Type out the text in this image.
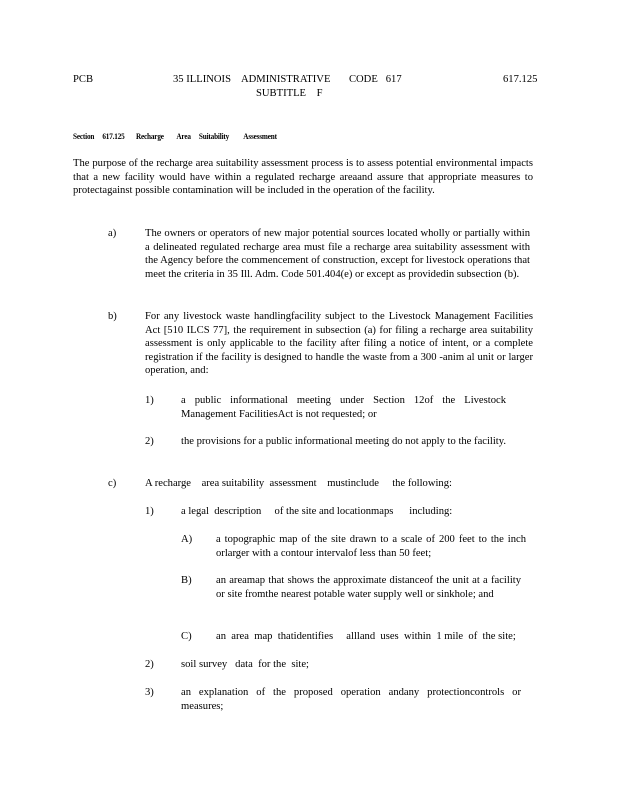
PCB	35 ILLINOIS    ADMINISTRATIVE       CODE   617
SUBTITLE    F
617.125
Section     617.125       Recharge        Area     Suitability         Assessment

The purpose of the recharge area suitability assessment process is to assess potential environmental impacts that a new facility would have within a regulated recharge areaand assure that appropriate measures to protectagainst possible contamination will be included in the operation of the facility.

a)	The owners or operators of new major potential sources located wholly or partially within a delineated regulated recharge area must file a recharge area suitability assessment with the Agency before the commencement of construction, except for livestock operations that meet the criteria in 35 Ill. Adm. Code 501.404(e) or except as providedin subsection (b).

b)	For any livestock waste handlingfacility subject to the Livestock Management Facilities Act [510 ILCS 77], the requirement in subsection (a) for filing a recharge area suitability assessment is only applicable to the facility after filing a notice of intent, or a complete registration if the facility is designed to handle the waste from a 300 -anim al unit or larger operation, and:

1)	a public informational meeting under Section 12of the Livestock Management FacilitiesAct is not requested; or

2)	the provisions for a public informational meeting do not apply to the facility.

c)	A recharge    area suitability  assessment    mustinclude     the following:

1)	a legal  description     of the site and locationmaps      including:

A) a topographic map of the site drawn to a scale of 200 feet to the inch orlarger with a contour intervalof less than 50 feet;

B) an areamap that shows the approximate distanceof the unit at a facility or site fromthe nearest potable water supply well or sinkhole; and

C) an  area  map  thatidentifies     allland  uses  within  1 mile  of  the site;

2)	soil survey   data  for the  site;

3)	an explanation of the proposed operation andany protectioncontrols or measures;
